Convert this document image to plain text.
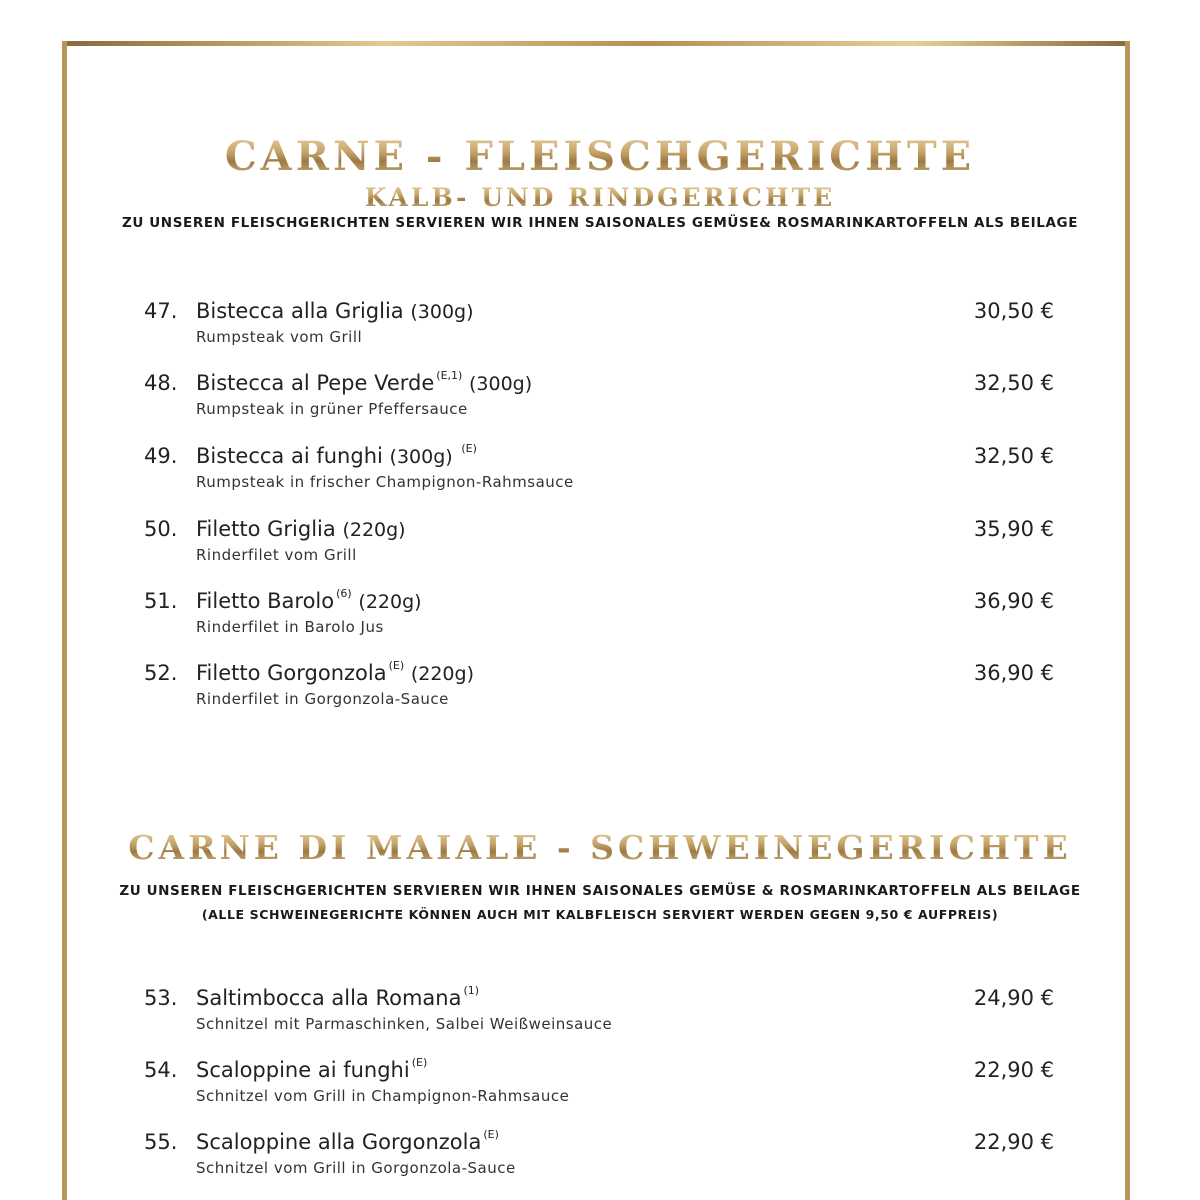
CARNE - FLEISCHGERICHTE
KALB- UND RINDGERICHTE
ZU UNSEREN FLEISCHGERICHTEN SERVIEREN WIR IHNEN SAISONALES GEMÜSE& ROSMARINKARTOFFELN ALS BEILAGE
47. Bistecca alla Griglia (300g)
Rumpsteak vom Grill
30,50 €
48. Bistecca al Pepe Verde $^{(E,1)}$ (300g)
Rumpsteak in grüner Pfeffersauce
32,50 €
49. Bistecca ai funghi (300g) $^{(E)}$
Rumpsteak in frischer Champignon-Rahmsauce
32,50 €
50. Filetto Griglia (220g)
Rinderfilet vom Grill
35,90 €
51. Filetto Barolo $^{(6)}$ (220g)
Rinderfilet in Barolo Jus
36,90 €
52. Filetto Gorgonzola $^{(E)}$ (220g)
Rinderfilet in Gorgonzola-Sauce
36,90 €
CARNE DI MAIALE - SCHWEINEGERICHTE
ZU UNSEREN FLEISCHGERICHTEN SERVIEREN WIR IHNEN SAISONALES GEMÜSE & ROSMARINKARTOFFELN ALS BEILAGE
(ALLE SCHWEINEGERICHTE KÖNNEN AUCH MIT KALBFLEISCH SERVIERT WERDEN GEGEN 9,50 € AUFPREIS)
53. Saltimbocca alla Romana $^{(1)}$
Schnitzel mit Parmaschinken, Salbei Weißweinsauce
24,90 €
54. Scaloppine ai funghi $^{(E)}$
Schnitzel vom Grill in Champignon-Rahmsauce
22,90 €
55. Scaloppine alla Gorgonzola $^{(E)}$
Schnitzel vom Grill in Gorgonzola-Sauce
22,90 €
